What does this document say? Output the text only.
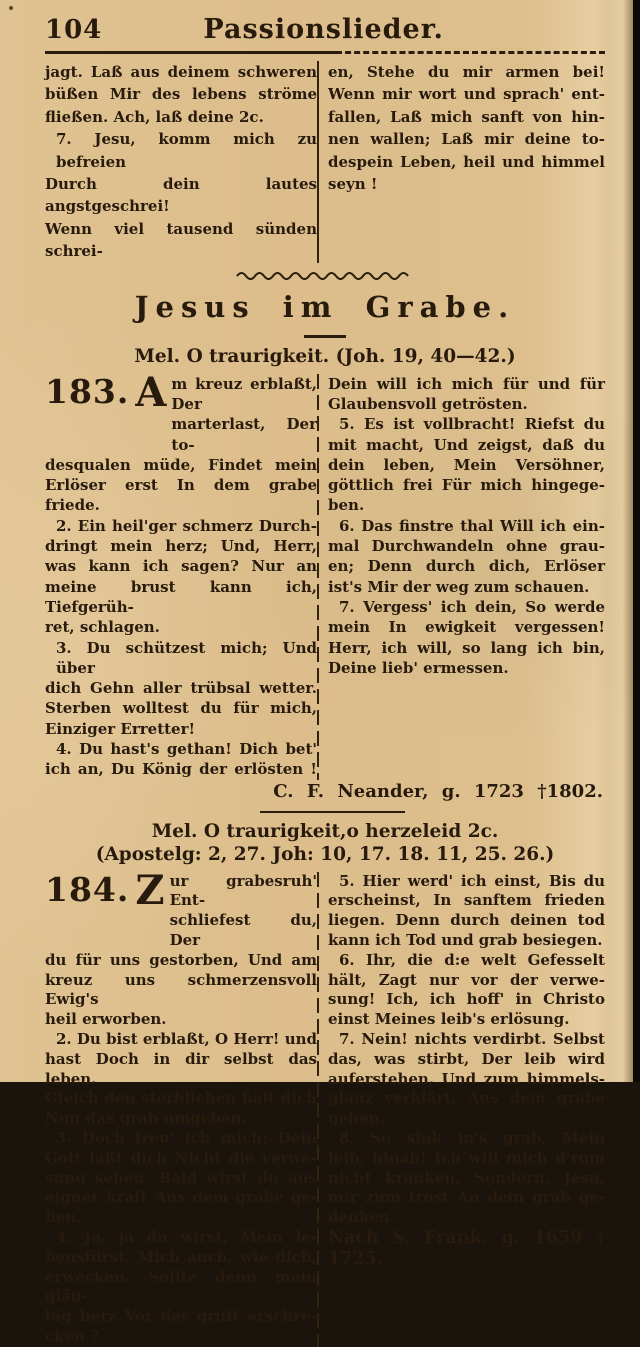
104	Passionslieder.
jagt. Laß aus deinem schweren
büßen Mir des lebens ströme
fließen. Ach, laß deine 2c.
7. Jesu, komm mich zu befreien
Durch dein lautes angstgeschrei!
Wenn viel tausend sünden schrei-
en, Stehe du mir armen bei!
Wenn mir wort und sprach' ent-
fallen, Laß mich sanft von hin-
nen wallen; Laß mir deine to-
despein Leben, heil und himmel
seyn !
Jesus im Grabe.
Mel. O traurigkeit. (Joh. 19, 40—42.)
183. A m kreuz erblaßt, Der
marterlast, Der to-
desqualen müde, Findet mein
Erlöser erst In dem grabe friede.
2. Ein heil'ger schmerz Durch-
dringt mein herz; Und, Herr,
was kann ich sagen? Nur an
meine brust kann ich, Tiefgerüh-
ret, schlagen.
3. Du schützest mich; Und über
dich Gehn aller trübsal wetter.
Sterben wolltest du für mich,
Einziger Erretter!
4. Du hast's gethan! Dich bet'
ich an, Du König der erlösten !
Dein will ich mich für und für
Glaubensvoll getrösten.
5. Es ist vollbracht! Riefst du
mit macht, Und zeigst, daß du
dein leben, Mein Versöhner,
göttlich frei Für mich hingege-
ben.
6. Das finstre thal Will ich ein-
mal Durchwandeln ohne grau-
en; Denn durch dich, Erlöser
ist's Mir der weg zum schauen.
7. Vergess' ich dein, So werde
mein In ewigkeit vergessen!
Herr, ich will, so lang ich bin,
Deine lieb' ermessen.
C. F. Neander, g. 1723 †1802.
Mel. O traurigkeit,o herzeleid 2c.
(Apostelg: 2, 27. Joh: 10, 17. 18. 11, 25. 26.)
184. Z ur grabesruh' Ent-
schliefest du, Der
du für uns gestorben, Und am
kreuz uns schmerzensvoll Ewig's
heil erworben.
2. Du bist erblaßt, O Herr! und
hast Doch in dir selbst das leben.
Gleich den sterblichen hält dich
Nun das grab umgeben.
3. Doch freu' ich mich; Dein
Gott läßt dich Nicht die verwe-
sung sehen. Bald wirst du aus
eigner kraft Aus dem grabe ge-
hen.
4. Ja, ja du wirst, Mein le-
bensfürst, Mich auch, wie dich,
erwecken. Sollte denn mein gläu-
big herz Vor der gruft erschre-
cken ?
5. Hier werd' ich einst, Bis du
erscheinst, In sanftem frieden
liegen. Denn durch deinen tod
kann ich Tod und grab besiegen.
6. Ihr, die d:e welt Gefesselt
hält, Zagt nur vor der verwe-
sung! Ich, ich hoff' in Christo
einst Meines leib's erlösung.
7. Nein! nichts verdirbt. Selbst
das, was stirbt, Der leib wird
auferstehen, Und zum himmels-
glanz verklärt, Aus dem grabe
gehen.
8. So sink in's grab, Mein
leib, hinab! Ich will mich d'rum
nicht kränken, Sondern, Jesu,
mir zum trost An dein grab ge-
denken.
Nach S. Frank. g. 1659 † 1725.
